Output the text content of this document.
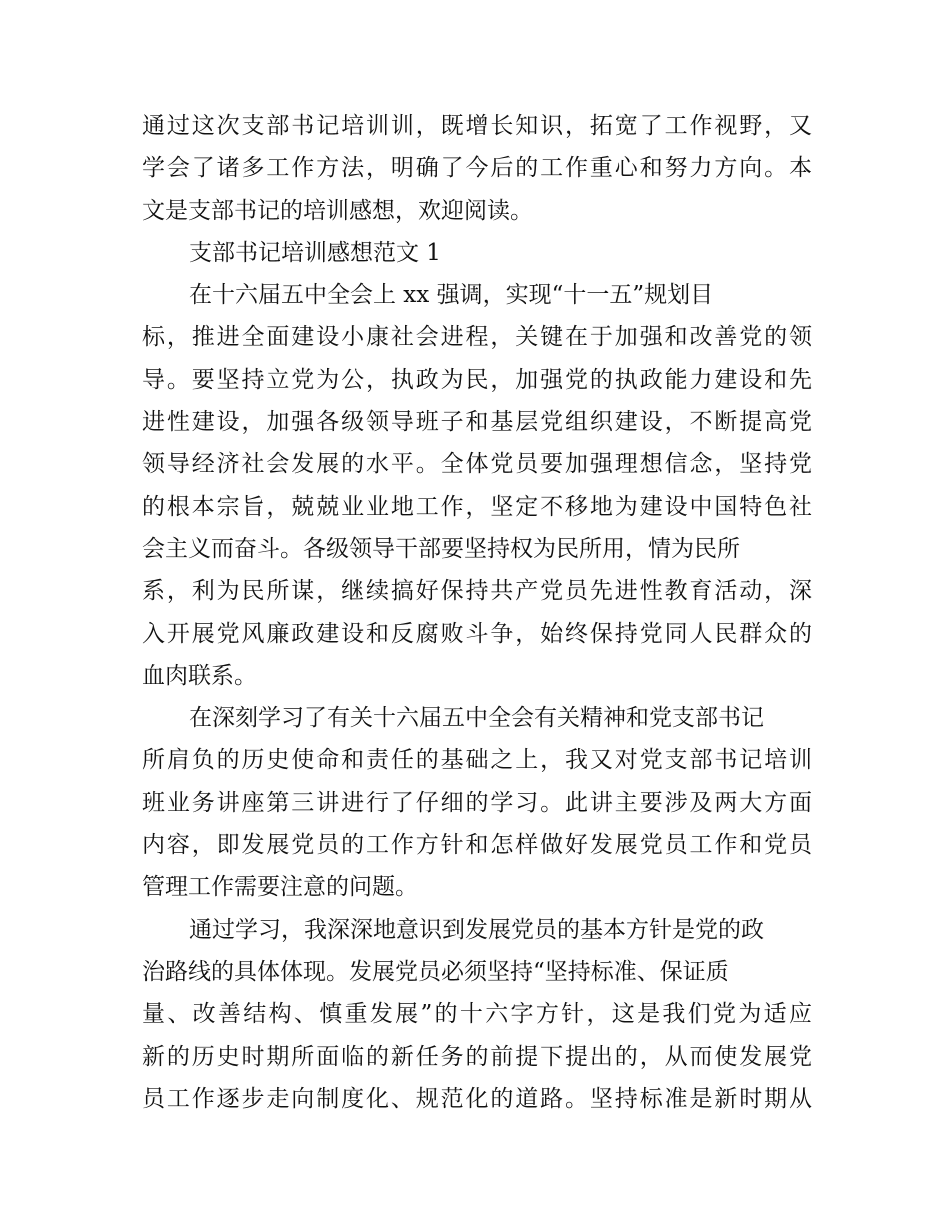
通过这次支部书记培训训，既增长知识，拓宽了工作视野，又
学会了诸多工作方法，明确了今后的工作重心和努力方向。本
文是支部书记的培训感想，欢迎阅读。
支部书记培训感想范文 1
在十六届五中全会上 xx 强调，实现“十一五”规划目
标，推进全面建设小康社会进程，关键在于加强和改善党的领
导。要坚持立党为公，执政为民，加强党的执政能力建设和先
进性建设，加强各级领导班子和基层党组织建设，不断提高党
领导经济社会发展的水平。全体党员要加强理想信念，坚持党
的根本宗旨，兢兢业业地工作，坚定不移地为建设中国特色社
会主义而奋斗。各级领导干部要坚持权为民所用，情为民所
系，利为民所谋，继续搞好保持共产党员先进性教育活动，深
入开展党风廉政建设和反腐败斗争，始终保持党同人民群众的
血肉联系。
在深刻学习了有关十六届五中全会有关精神和党支部书记
所肩负的历史使命和责任的基础之上，我又对党支部书记培训
班业务讲座第三讲进行了仔细的学习。此讲主要涉及两大方面
内容，即发展党员的工作方针和怎样做好发展党员工作和党员
管理工作需要注意的问题。
通过学习，我深深地意识到发展党员的基本方针是党的政
治路线的具体体现。发展党员必须坚持“坚持标准、保证质
量、改善结构、慎重发展”的十六字方针，这是我们党为适应
新的历史时期所面临的新任务的前提下提出的，从而使发展党
员工作逐步走向制度化、规范化的道路。坚持标准是新时期从
